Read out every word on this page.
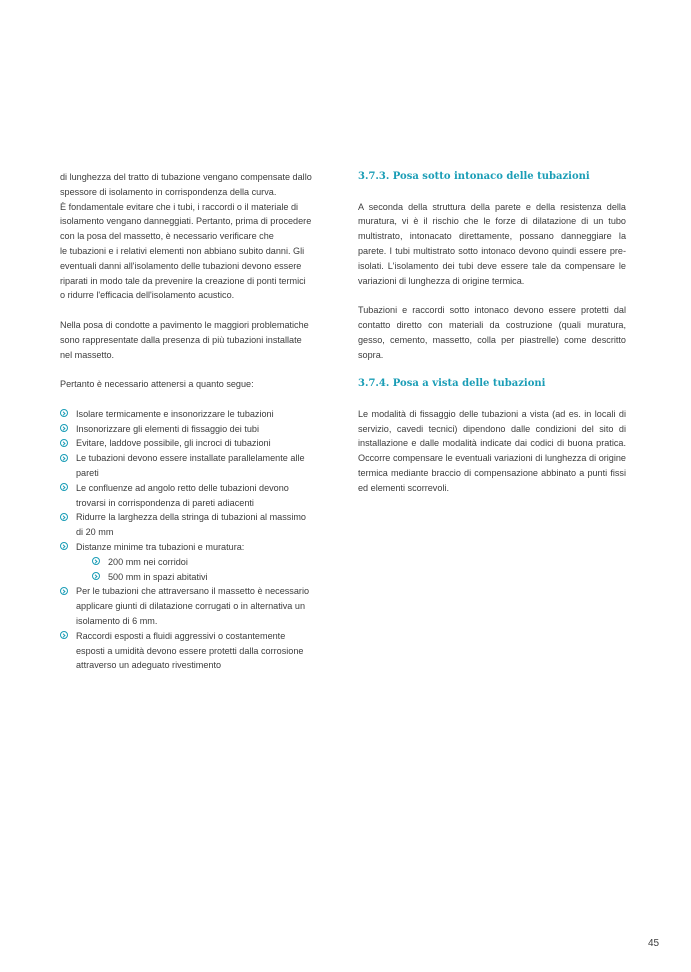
di lunghezza del tratto di tubazione vengano compensate dallo
spessore di isolamento in corrispondenza della curva.
È fondamentale evitare che i tubi, i raccordi o il materiale di
isolamento vengano danneggiati. Pertanto, prima di procedere
con la posa del massetto, è necessario verificare che
le tubazioni e i relativi elementi non abbiano subito danni. Gli
eventuali danni all'isolamento delle tubazioni devono essere
riparati in modo tale da prevenire la creazione di ponti termici
o ridurre l'efficacia dell'isolamento acustico.

Nella posa di condotte a pavimento le maggiori problematiche
sono rappresentate dalla presenza di più tubazioni installate
nel massetto.

Pertanto è necessario attenersi a quanto segue:

Isolare termicamente e insonorizzare le tubazioni
Insonorizzare gli elementi di fissaggio dei tubi
Evitare, laddove possibile, gli incroci di tubazioni
Le tubazioni devono essere installate parallelamente alle
pareti
Le confluenze ad angolo retto delle tubazioni devono
trovarsi in corrispondenza di pareti adiacenti
Ridurre la larghezza della stringa di tubazioni al massimo
di 20 mm
Distanze minime tra tubazioni e muratura:
200 mm nei corridoi
500 mm in spazi abitativi
Per le tubazioni che attraversano il massetto è necessario
applicare giunti di dilatazione corrugati o in alternativa un
isolamento di 6 mm.
Raccordi esposti a fluidi aggressivi o costantemente
esposti a umidità devono essere protetti dalla corrosione
attraverso un adeguato rivestimento
3.7.3. Posa sotto intonaco delle tubazioni

A seconda della struttura della parete e della resistenza della muratura, vi è il rischio che le forze di dilatazione di un tubo multistrato, intonacato direttamente, possano danneggiare la parete. I tubi multistrato sotto intonaco devono quindi essere pre-isolati. L'isolamento dei tubi deve essere tale da compensare le variazioni di lunghezza di origine termica.

Tubazioni e raccordi sotto intonaco devono essere protetti dal contatto diretto con materiali da costruzione (quali muratura, gesso, cemento, massetto, colla per piastrelle) come descritto sopra.

3.7.4. Posa a vista delle tubazioni

Le modalità di fissaggio delle tubazioni a vista (ad es. in locali di servizio, cavedi tecnici) dipendono dalle condizioni del sito di installazione e dalle modalità indicate dai codici di buona pratica. Occorre compensare le eventuali variazioni di lunghezza di origine termica mediante braccio di compensazione abbinato a punti fissi ed elementi scorrevoli.

45
